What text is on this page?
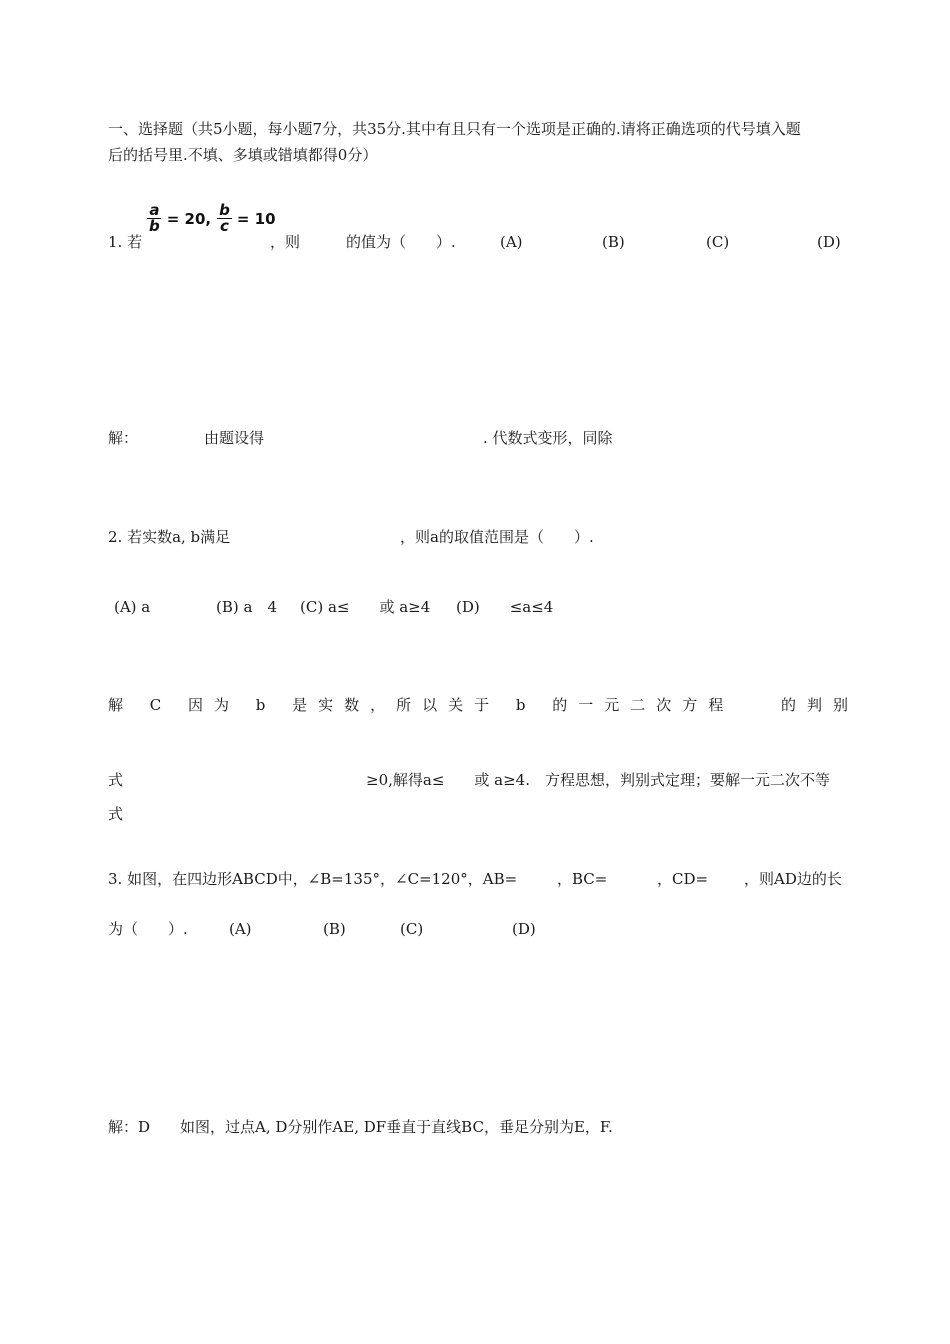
一、选择题（共5小题，每小题7分，共35分.其中有且只有一个选项是正确的.请将正确选项的代号填入题
后的括号里.不填、多填或错填都得0分）
$\frac{a}{b} = 20$, $\frac{b}{c} = 10$
1. 若	，则	的值为（　　）.	(A)	(B)	(C)	(D)
解：	由题设得	. 代数式变形，同除
2. 若实数a, b满足	，则a的取值范围是（　　）.
(A) a	(B) a　4 (C) a≤　　或 a≥4 (D)　　≤a≤4
解 C 因为 b 是实数，所以关于 b 的一元二次方程	的判别
式	≥0,解得a≤　　或 a≥4.　方程思想，判别式定理；要解一元二次不等
式
3. 如图，在四边形ABCD中，∠B=135°，∠C=120°，AB=	，BC=	，CD= ，则AD边的长
为（　　）.	(A)	(B)	(C)	(D)
解：D　　如图，过点A, D分别作AE, DF垂直于直线BC，垂足分别为E，F.
